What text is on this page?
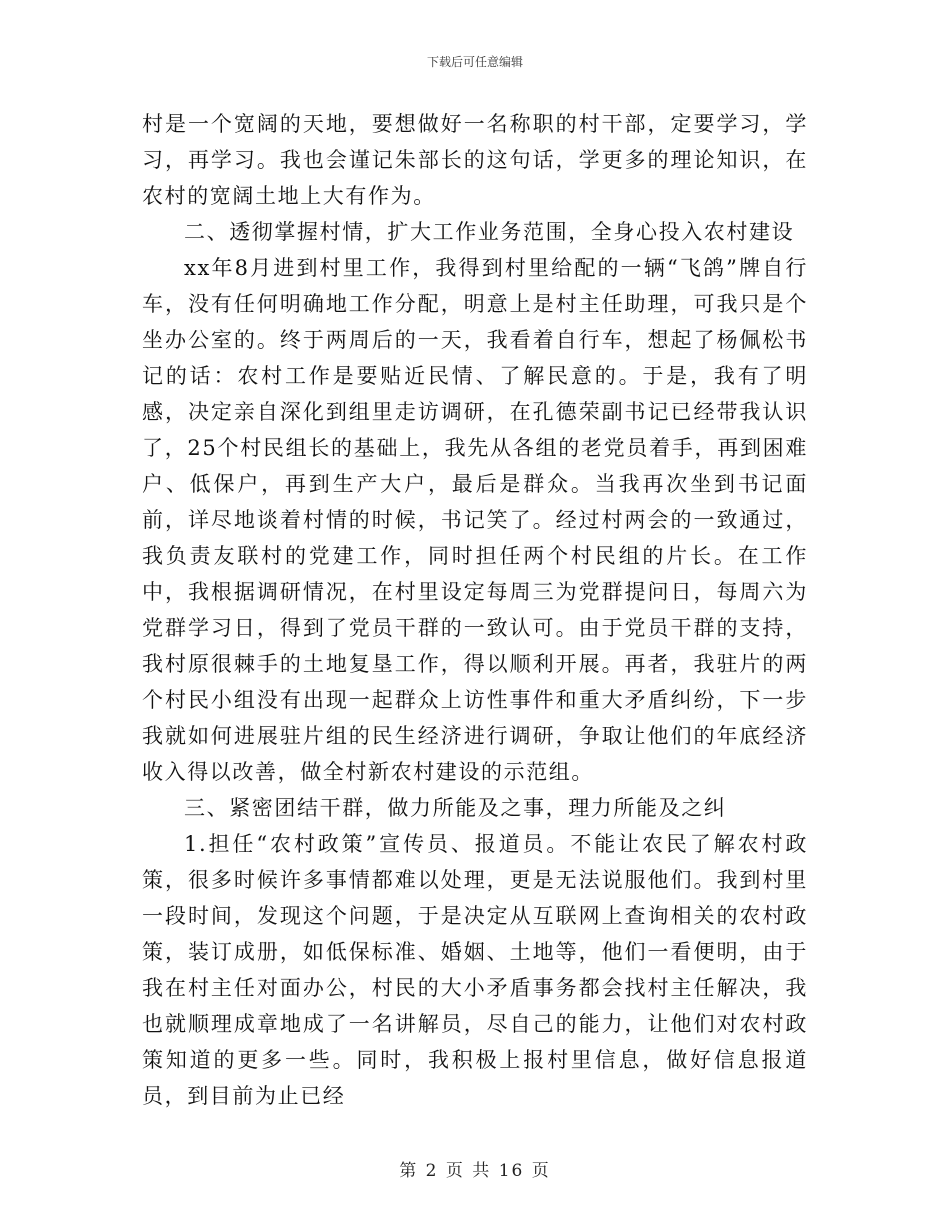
下载后可任意编辑

村是一个宽阔的天地，要想做好一名称职的村干部，定要学习，学习，再学习。我也会谨记朱部长的这句话，学更多的理论知识，在农村的宽阔土地上大有作为。

二、透彻掌握村情，扩大工作业务范围，全身心投入农村建设

xx年8月进到村里工作，我得到村里给配的一辆“飞鸽”牌自行车，没有任何明确地工作分配，明意上是村主任助理，可我只是个坐办公室的。终于两周后的一天，我看着自行车，想起了杨佩松书记的话：农村工作是要贴近民情、了解民意的。于是，我有了明感，决定亲自深化到组里走访调研，在孔德荣副书记已经带我认识了，25个村民组长的基础上，我先从各组的老党员着手，再到困难户、低保户，再到生产大户，最后是群众。当我再次坐到书记面前，详尽地谈着村情的时候，书记笑了。经过村两会的一致通过，我负责友联村的党建工作，同时担任两个村民组的片长。在工作中，我根据调研情况，在村里设定每周三为党群提问日，每周六为党群学习日，得到了党员干群的一致认可。由于党员干群的支持，我村原很棘手的土地复垦工作，得以顺利开展。再者，我驻片的两个村民小组没有出现一起群众上访性事件和重大矛盾纠纷，下一步我就如何进展驻片组的民生经济进行调研，争取让他们的年底经济收入得以改善，做全村新农村建设的示范组。

三、紧密团结干群，做力所能及之事，理力所能及之纠

1.担任“农村政策”宣传员、报道员。不能让农民了解农村政策，很多时候许多事情都难以处理，更是无法说服他们。我到村里一段时间，发现这个问题，于是决定从互联网上查询相关的农村政策，装订成册，如低保标准、婚姻、土地等，他们一看便明，由于我在村主任对面办公，村民的大小矛盾事务都会找村主任解决，我也就顺理成章地成了一名讲解员，尽自己的能力，让他们对农村政策知道的更多一些。同时，我积极上报村里信息，做好信息报道员，到目前为止已经

第 2 页 共 16 页
